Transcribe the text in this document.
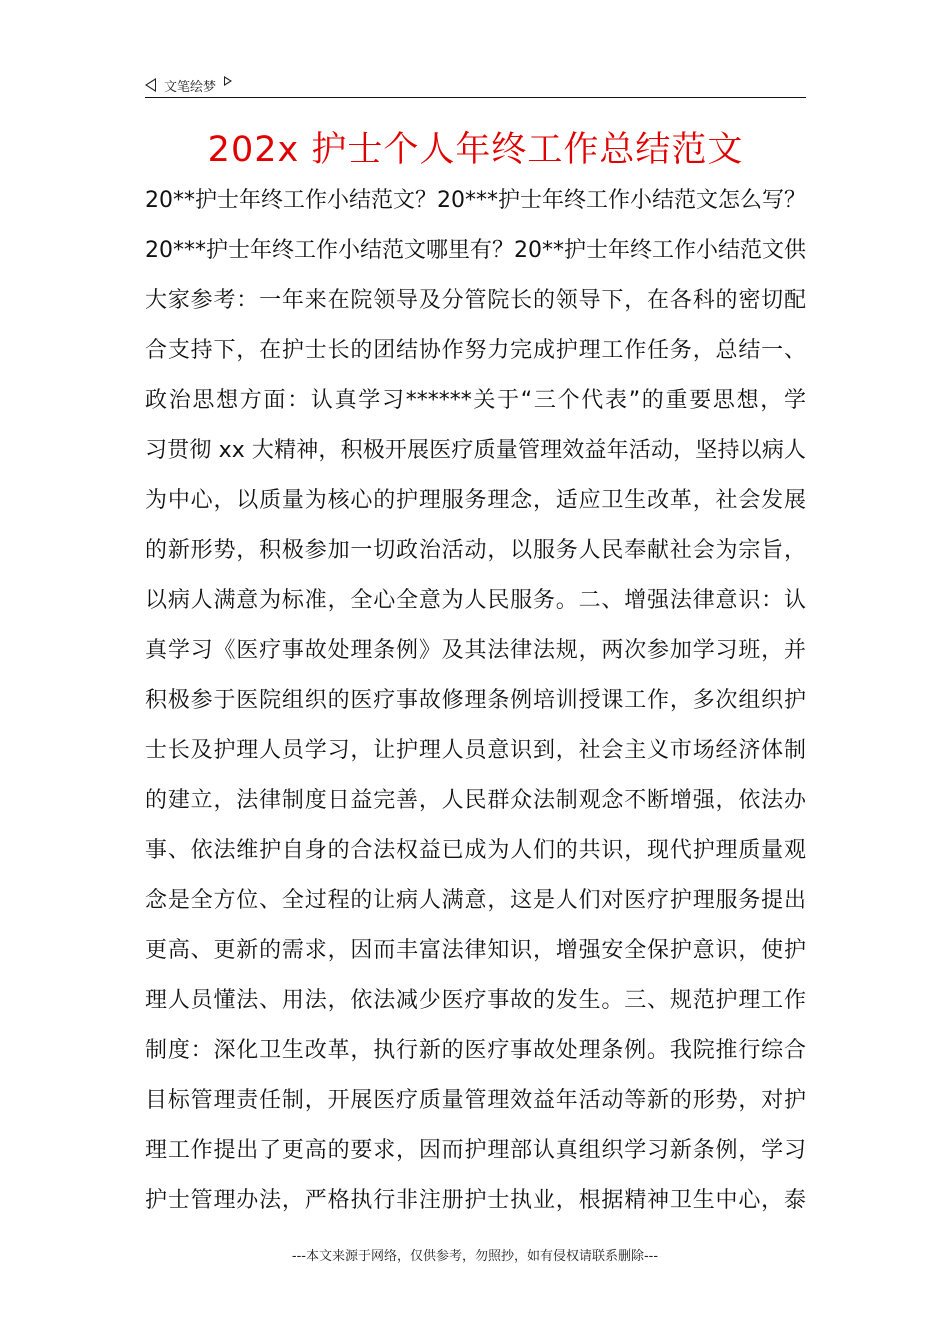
文笔绘梦
202x 护士个人年终工作总结范文
20**护士年终工作小结范文？20***护士年终工作小结范文怎么写？
20***护士年终工作小结范文哪里有？20**护士年终工作小结范文供
大家参考：一年来在院领导及分管院长的领导下，在各科的密切配
合支持下，在护士长的团结协作努力完成护理工作任务，总结一、
政治思想方面：认真学习******关于“三个代表”的重要思想，学
习贯彻 xx 大精神，积极开展医疗质量管理效益年活动，坚持以病人
为中心，以质量为核心的护理服务理念，适应卫生改革，社会发展
的新形势，积极参加一切政治活动，以服务人民奉献社会为宗旨，
以病人满意为标准，全心全意为人民服务。二、增强法律意识：认
真学习《医疗事故处理条例》及其法律法规，两次参加学习班，并
积极参于医院组织的医疗事故修理条例培训授课工作，多次组织护
士长及护理人员学习，让护理人员意识到，社会主义市场经济体制
的建立，法律制度日益完善，人民群众法制观念不断增强，依法办
事、依法维护自身的合法权益已成为人们的共识，现代护理质量观
念是全方位、全过程的让病人满意，这是人们对医疗护理服务提出
更高、更新的需求，因而丰富法律知识，增强安全保护意识，使护
理人员懂法、用法，依法减少医疗事故的发生。三、规范护理工作
制度：深化卫生改革，执行新的医疗事故处理条例。我院推行综合
目标管理责任制，开展医疗质量管理效益年活动等新的形势，对护
理工作提出了更高的要求，因而护理部认真组织学习新条例，学习
护士管理办法，严格执行非注册护士执业，根据精神卫生中心，泰
---本文来源于网络，仅供参考，勿照抄，如有侵权请联系删除---
